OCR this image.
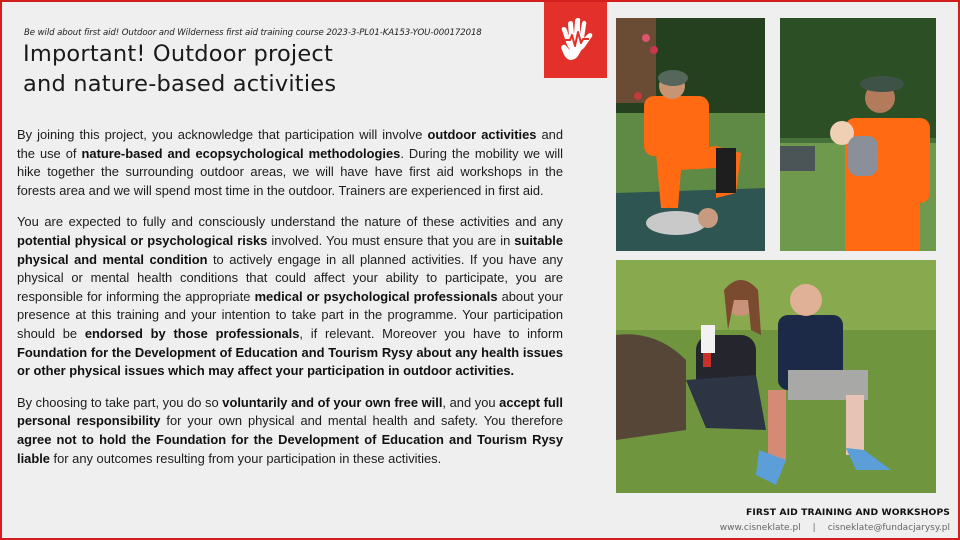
Be wild about first aid! Outdoor and Wilderness first aid training course 2023-3-PL01-KA153-YOU-000172018
Important! Outdoor project
and nature-based activities

By joining this project, you acknowledge that participation will involve outdoor activities and the use of nature-based and ecopsychological methodologies. During the mobility we will hike together the surrounding outdoor areas, we will have have first aid workshops in the forests area and we will spend most time in the outdoor. Trainers are experienced in first aid.

You are expected to fully and consciously understand the nature of these activities and any potential physical or psychological risks involved. You must ensure that you are in suitable physical and mental condition to actively engage in all planned activities. If you have any physical or mental health conditions that could affect your ability to participate, you are responsible for informing the appropriate medical or psychological professionals about your presence at this training and your intention to take part in the programme. Your participation should be endorsed by those professionals, if relevant. Moreover you have to inform Foundation for the Development of Education and Tourism Rysy about any health issues or other physical issues which may affect your participation in outdoor activities.

By choosing to take part, you do so voluntarily and of your own free will, and you accept full personal responsibility for your own physical and mental health and safety. You therefore agree not to hold the Foundation for the Development of Education and Tourism Rysy liable for any outcomes resulting from your participation in these activities.

FIRST AID TRAINING AND WORKSHOPS
www.cisneklate.pl | cisneklate@fundacjarysy.pl
